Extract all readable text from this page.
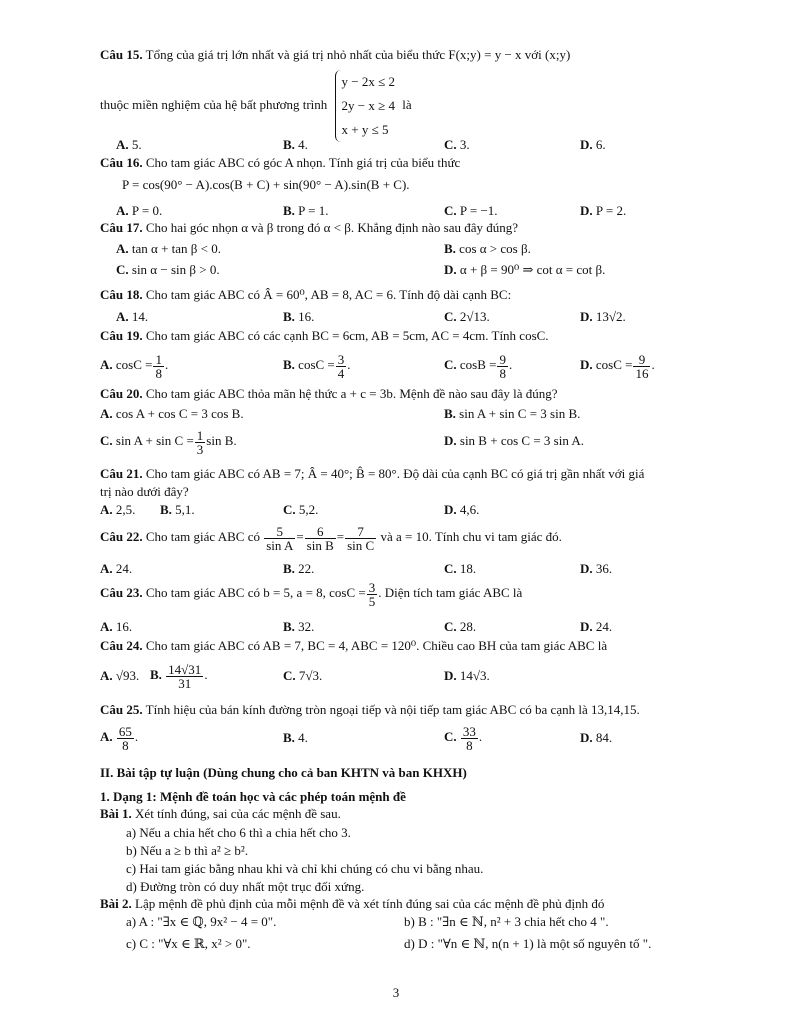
Câu 15. Tổng của giá trị lớn nhất và giá trị nhỏ nhất của biểu thức F(x;y) = y − x với (x;y)
thuộc miền nghiệm của hệ bất phương trình
y − 2x ≤ 2
2y − x ≥ 4
x + y ≤ 5
là
A. 5.	B. 4.	C. 3.	D. 6.
Câu 16. Cho tam giác ABC có góc A nhọn. Tính giá trị của biểu thức
P = cos(90° − A).cos(B + C) + sin(90° − A).sin(B + C).
A. P = 0.	B. P = 1.	C. P = −1.	D. P = 2.
Câu 17. Cho hai góc nhọn α và β trong đó α < β. Khẳng định nào sau đây đúng?
A. tan α + tan β < 0.	B. cos α > cos β.
C. sin α − sin β > 0.	D. α + β = 90⁰ ⇒ cot α = cot β.
Câu 18. Cho tam giác ABC có Â = 60⁰, AB = 8, AC = 6. Tính độ dài cạnh BC:
A. 14.	B. 16.	C. 2√13.	D. 13√2.
Câu 19. Cho tam giác ABC có các cạnh BC = 6cm, AB = 5cm, AC = 4cm. Tính cosC.
A. $\cos C = \frac{1}{8}$ .	B. $\cos C = \frac{3}{4}$ .	C. $\cos B = \frac{9}{8}$ .	D. $\cos C = \frac{9}{16}$ .
Câu 20. Cho tam giác ABC thỏa mãn hệ thức a + c = 3b. Mệnh đề nào sau đây là đúng?
A. cos A + cos C = 3 cos B.	B. sin A + sin C = 3 sin B.
C. $\sin A + \sin C = \frac{1}{3}$ sin B.	D. sin B + cos C = 3 sin A.
Câu 21. Cho tam giác ABC có AB = 7; Â = 40°; B̂ = 80°. Độ dài của cạnh BC có giá trị gần nhất với giá
trị nào dưới đây?
A. 2,5. B. 5,1.	C. 5,2.	D. 4,6.
Câu 22. Cho tam giác ABC có $\frac{5}{\text{sin A}} = \frac{6}{\text{sin B}} = \frac{7}{\text{sin C}}$ và a = 10. Tính chu vi tam giác đó.
A. 24.	B. 22.	C. 18.	D. 36.
Câu 23. Cho tam giác ABC có b = 5, a = 8, $\cos C = \frac{3}{5}$ . Diện tích tam giác ABC là
A. 16.	B. 32.	C. 28.	D. 24.
Câu 24. Cho tam giác ABC có AB = 7, BC = 4, ABC = 120⁰. Chiều cao BH của tam giác ABC là
A. √93. B. $\frac{14√31}{31}$ .	C. 7√3.	D. 14√3.
Câu 25. Tính hiệu của bán kính đường tròn ngoại tiếp và nội tiếp tam giác ABC có ba cạnh là 13,14,15.
A. $\frac{65}{8}$ .	B. 4.	C. $\frac{33}{8}$ .	D. 84.
II. Bài tập tự luận (Dùng chung cho cả ban KHTN và ban KHXH)
1. Dạng 1: Mệnh đề toán học và các phép toán mệnh đề
Bài 1. Xét tính đúng, sai của các mệnh đề sau.
a) Nếu a chia hết cho 6 thì a chia hết cho 3.
b) Nếu a ≥ b thì a² ≥ b².
c) Hai tam giác bằng nhau khi và chỉ khi chúng có chu vi bằng nhau.
d) Đường tròn có duy nhất một trục đối xứng.
Bài 2. Lập mệnh đề phủ định của mỗi mệnh đề và xét tính đúng sai của các mệnh đề phủ định đó
a) A : "∃x ∈ ℚ, 9x² − 4 = 0".	b) B : "∃n ∈ ℕ, n² + 3 chia hết cho 4 ".
c) C : "∀x ∈ ℝ, x² > 0".	d) D : "∀n ∈ ℕ, n(n + 1) là một số nguyên tố ".
3
